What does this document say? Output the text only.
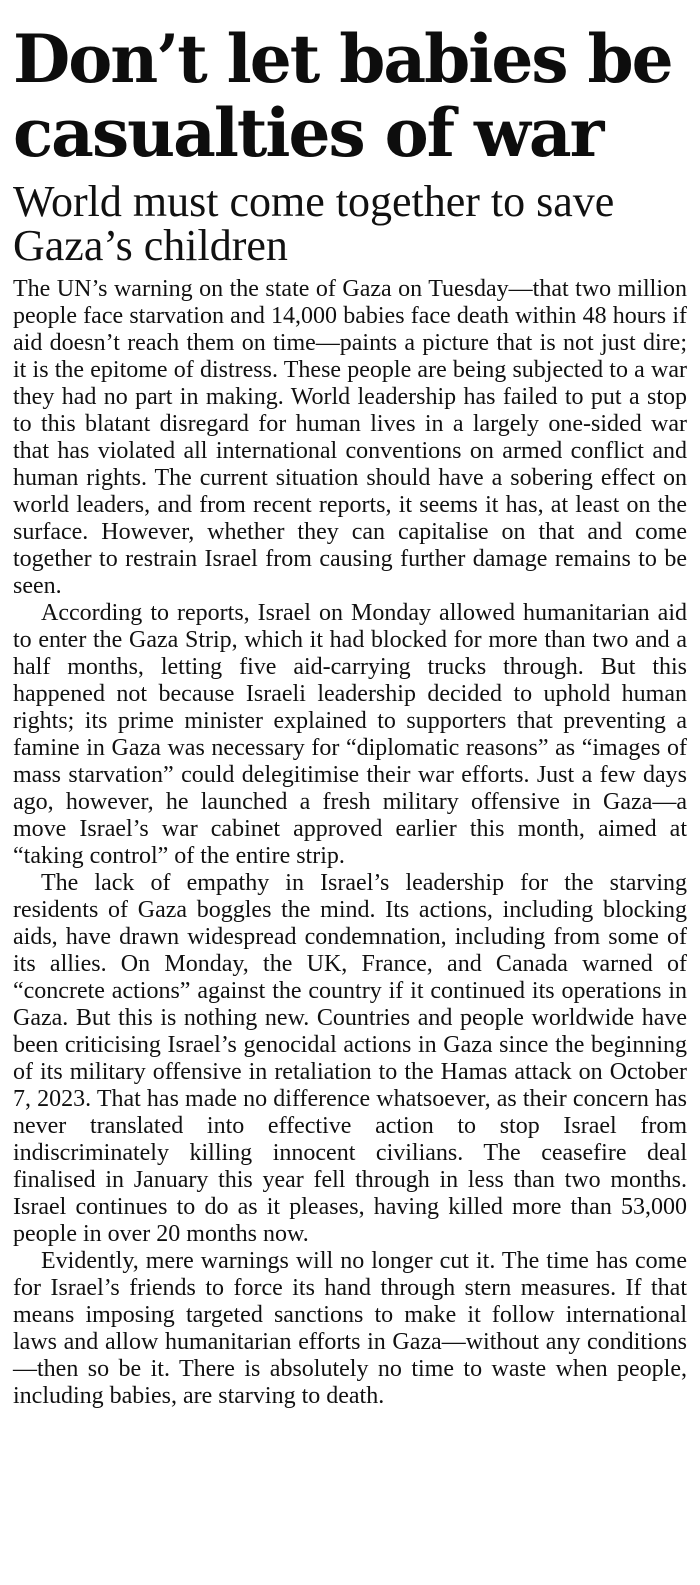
Don’t let babies be
casualties of war
World must come together to save
Gaza’s children

The UN’s warning on the state of Gaza on Tuesday—that two million people face starvation and 14,000 babies face death within 48 hours if aid doesn’t reach them on time—paints a picture that is not just dire; it is the epitome of distress. These people are being subjected to a war they had no part in making. World leadership has failed to put a stop to this blatant disregard for human lives in a largely one-sided war that has violated all international conventions on armed conflict and human rights. The current situation should have a sobering effect on world leaders, and from recent reports, it seems it has, at least on the surface. However, whether they can capitalise on that and come together to restrain Israel from causing further damage remains to be seen.

According to reports, Israel on Monday allowed humanitarian aid to enter the Gaza Strip, which it had blocked for more than two and a half months, letting five aid-carrying trucks through. But this happened not because Israeli leadership decided to uphold human rights; its prime minister explained to supporters that preventing a famine in Gaza was necessary for “diplomatic reasons” as “images of mass starvation” could delegitimise their war efforts. Just a few days ago, however, he launched a fresh military offensive in Gaza—a move Israel’s war cabinet approved earlier this month, aimed at “taking control” of the entire strip.

The lack of empathy in Israel’s leadership for the starving residents of Gaza boggles the mind. Its actions, including blocking aids, have drawn widespread condemnation, including from some of its allies. On Monday, the UK, France, and Canada warned of “concrete actions” against the country if it continued its operations in Gaza. But this is nothing new. Countries and people worldwide have been criticising Israel’s genocidal actions in Gaza since the beginning of its military offensive in retaliation to the Hamas attack on October 7, 2023. That has made no difference whatsoever, as their concern has never translated into effective action to stop Israel from indiscriminately killing innocent civilians. The ceasefire deal finalised in January this year fell through in less than two months. Israel continues to do as it pleases, having killed more than 53,000 people in over 20 months now.

Evidently, mere warnings will no longer cut it. The time has come for Israel’s friends to force its hand through stern measures. If that means imposing targeted sanctions to make it follow international laws and allow humanitarian efforts in Gaza—without any conditions—then so be it. There is absolutely no time to waste when people, including babies, are starving to death.
